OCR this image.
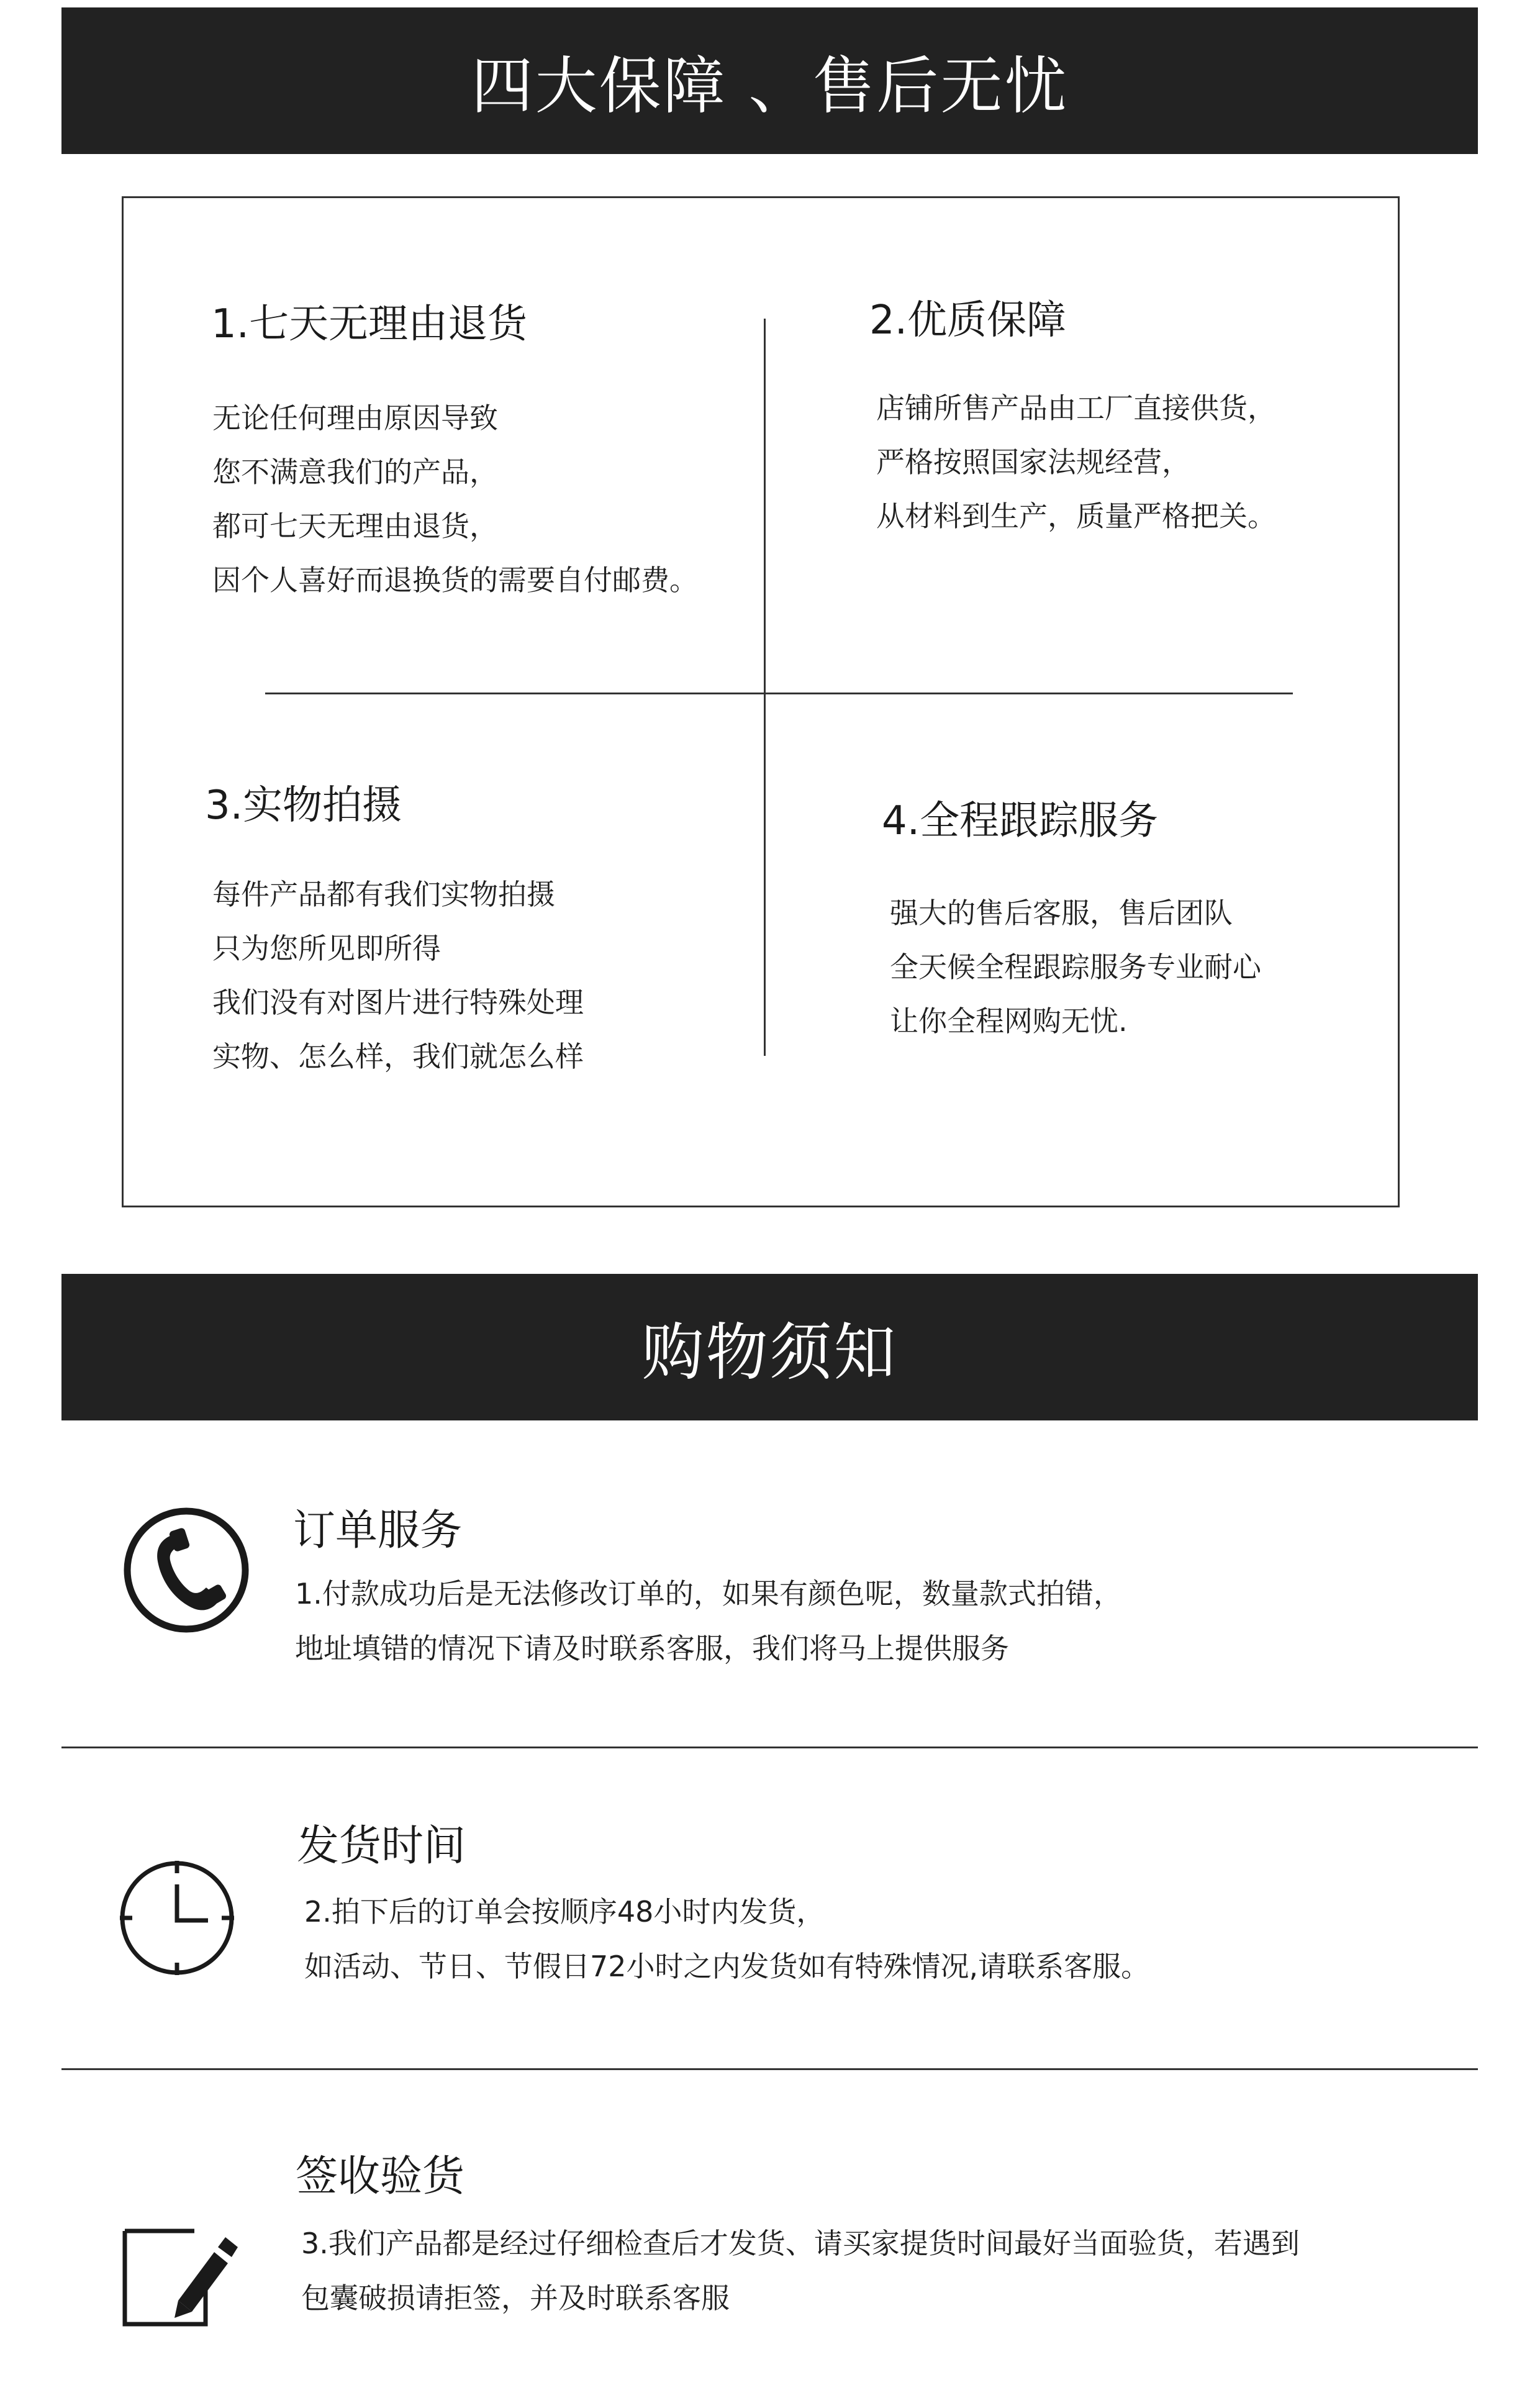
四大保障 、售后无忧
1.七天无理由退货
无论任何理由原因导致
您不满意我们的产品，
都可七天无理由退货，
因个人喜好而退换货的需要自付邮费。
2.优质保障
店铺所售产品由工厂直接供货，
严格按照国家法规经营，
从材料到生产，质量严格把关。
3.实物拍摄
每件产品都有我们实物拍摄
只为您所见即所得
我们没有对图片进行特殊处理
实物、怎么样，我们就怎么样
4.全程跟踪服务
强大的售后客服，售后团队
全天候全程跟踪服务专业耐心
让你全程网购无忧.
购物须知
订单服务
1.付款成功后是无法修改订单的，如果有颜色呢，数量款式拍错，
地址填错的情况下请及时联系客服，我们将马上提供服务
发货时间
2.拍下后的订单会按顺序48小时内发货，
如活动、节日、节假日72小时之内发货如有特殊情况,请联系客服。
签收验货
3.我们产品都是经过仔细检查后才发货、请买家提货时间最好当面验货，若遇到
包囊破损请拒签，并及时联系客服
